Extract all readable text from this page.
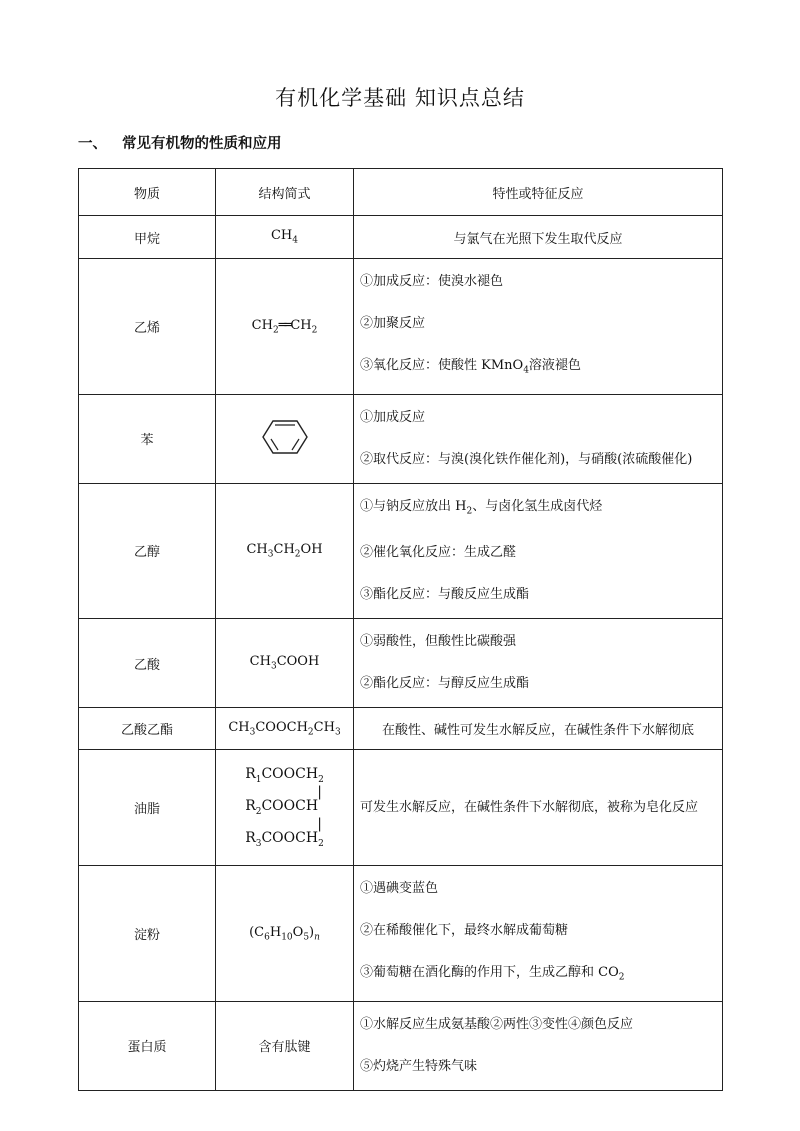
有机化学基础 知识点总结
一、 常见有机物的性质和应用
物质	结构简式	特性或特征反应
甲烷	$CH_4$	与氯气在光照下发生取代反应
乙烯	$CH_2══CH_2$	①加成反应：使溴水褪色
②加聚反应
③氧化反应：使酸性 KMnO$_4$溶液褪色

苯		①加成反应
②取代反应：与溴(溴化铁作催化剂)，与硝酸(浓硫酸催化)

乙醇	$CH_3CH_2OH$	①与钠反应放出 $H_2$、与卤化氢生成卤代烃
②催化氧化反应：生成乙醛
③酯化反应：与酸反应生成酯

乙酸	$CH_3COOH$	①弱酸性，但酸性比碳酸强
②酯化反应：与醇反应生成酯

乙酸乙酯	$CH_3COOCH_2CH_3$	在酸性、碱性可发生水解反应，在碱性条件下水解彻底
油脂	$R_1COOCH_2$
|
$R_2COOCH$
|
$R_3COOCH_2$	可发生水解反应，在碱性条件下水解彻底，被称为皂化反应

淀粉	$(C_6H_{10}O_5)_n$	①遇碘变蓝色
②在稀酸催化下，最终水解成葡萄糖
③葡萄糖在酒化酶的作用下，生成乙醇和 $CO_2$

蛋白质	含有肽键	①水解反应生成氨基酸②两性③变性④颜色反应
⑤灼烧产生特殊气味
